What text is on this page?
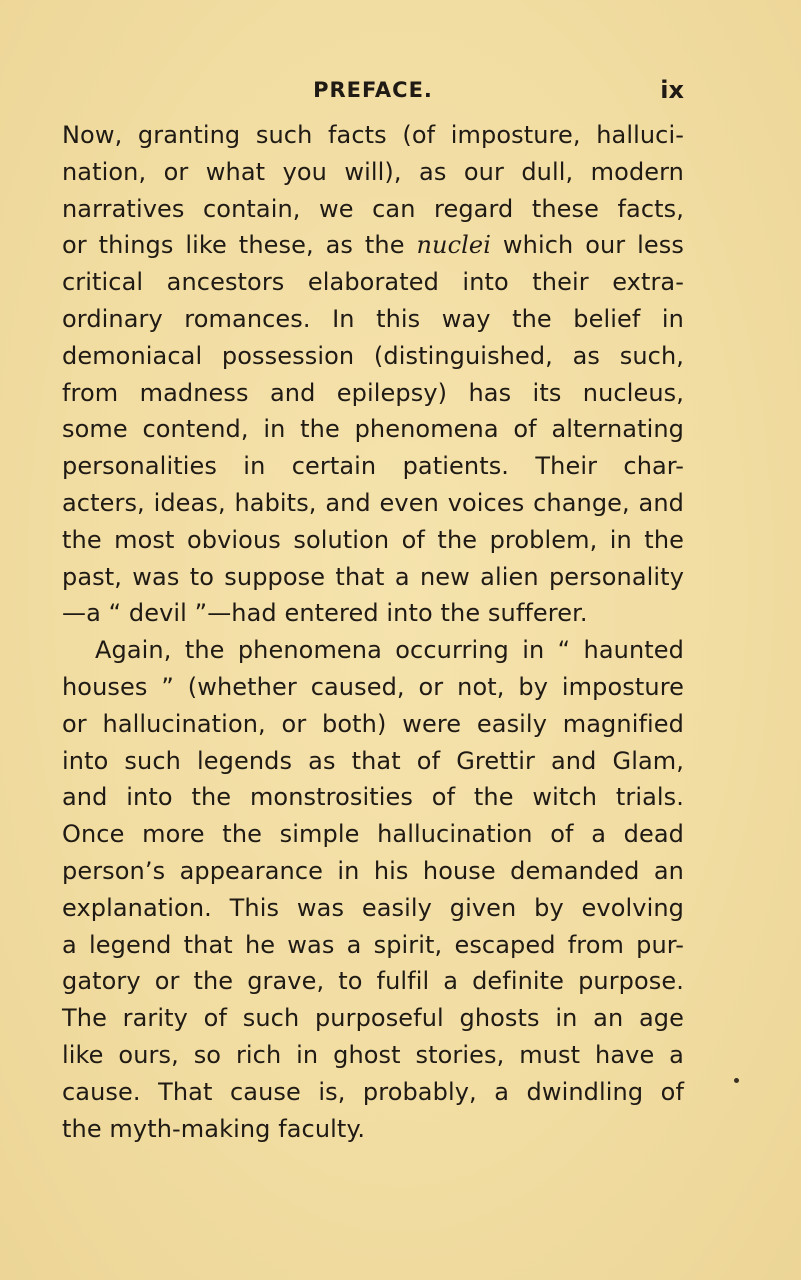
PREFACE.	ix
Now, granting such facts (of imposture, halluci-
nation, or what you will), as our dull, modern
narratives contain, we can regard these facts,
or things like these, as the nuclei which our less
critical ancestors elaborated into their extra-
ordinary romances. In this way the belief in
demoniacal possession (distinguished, as such,
from madness and epilepsy) has its nucleus,
some contend, in the phenomena of alternating
personalities in certain patients. Their char-
acters, ideas, habits, and even voices change, and
the most obvious solution of the problem, in the
past, was to suppose that a new alien personality
—a “ devil ”—had entered into the sufferer.
Again, the phenomena occurring in “ haunted
houses ” (whether caused, or not, by imposture
or hallucination, or both) were easily magnified
into such legends as that of Grettir and Glam,
and into the monstrosities of the witch trials.
Once more the simple hallucination of a dead
person’s appearance in his house demanded an
explanation. This was easily given by evolving
a legend that he was a spirit, escaped from pur-
gatory or the grave, to fulfil a definite purpose.
The rarity of such purposeful ghosts in an age
like ours, so rich in ghost stories, must have a
cause. That cause is, probably, a dwindling of
the myth-making faculty.
